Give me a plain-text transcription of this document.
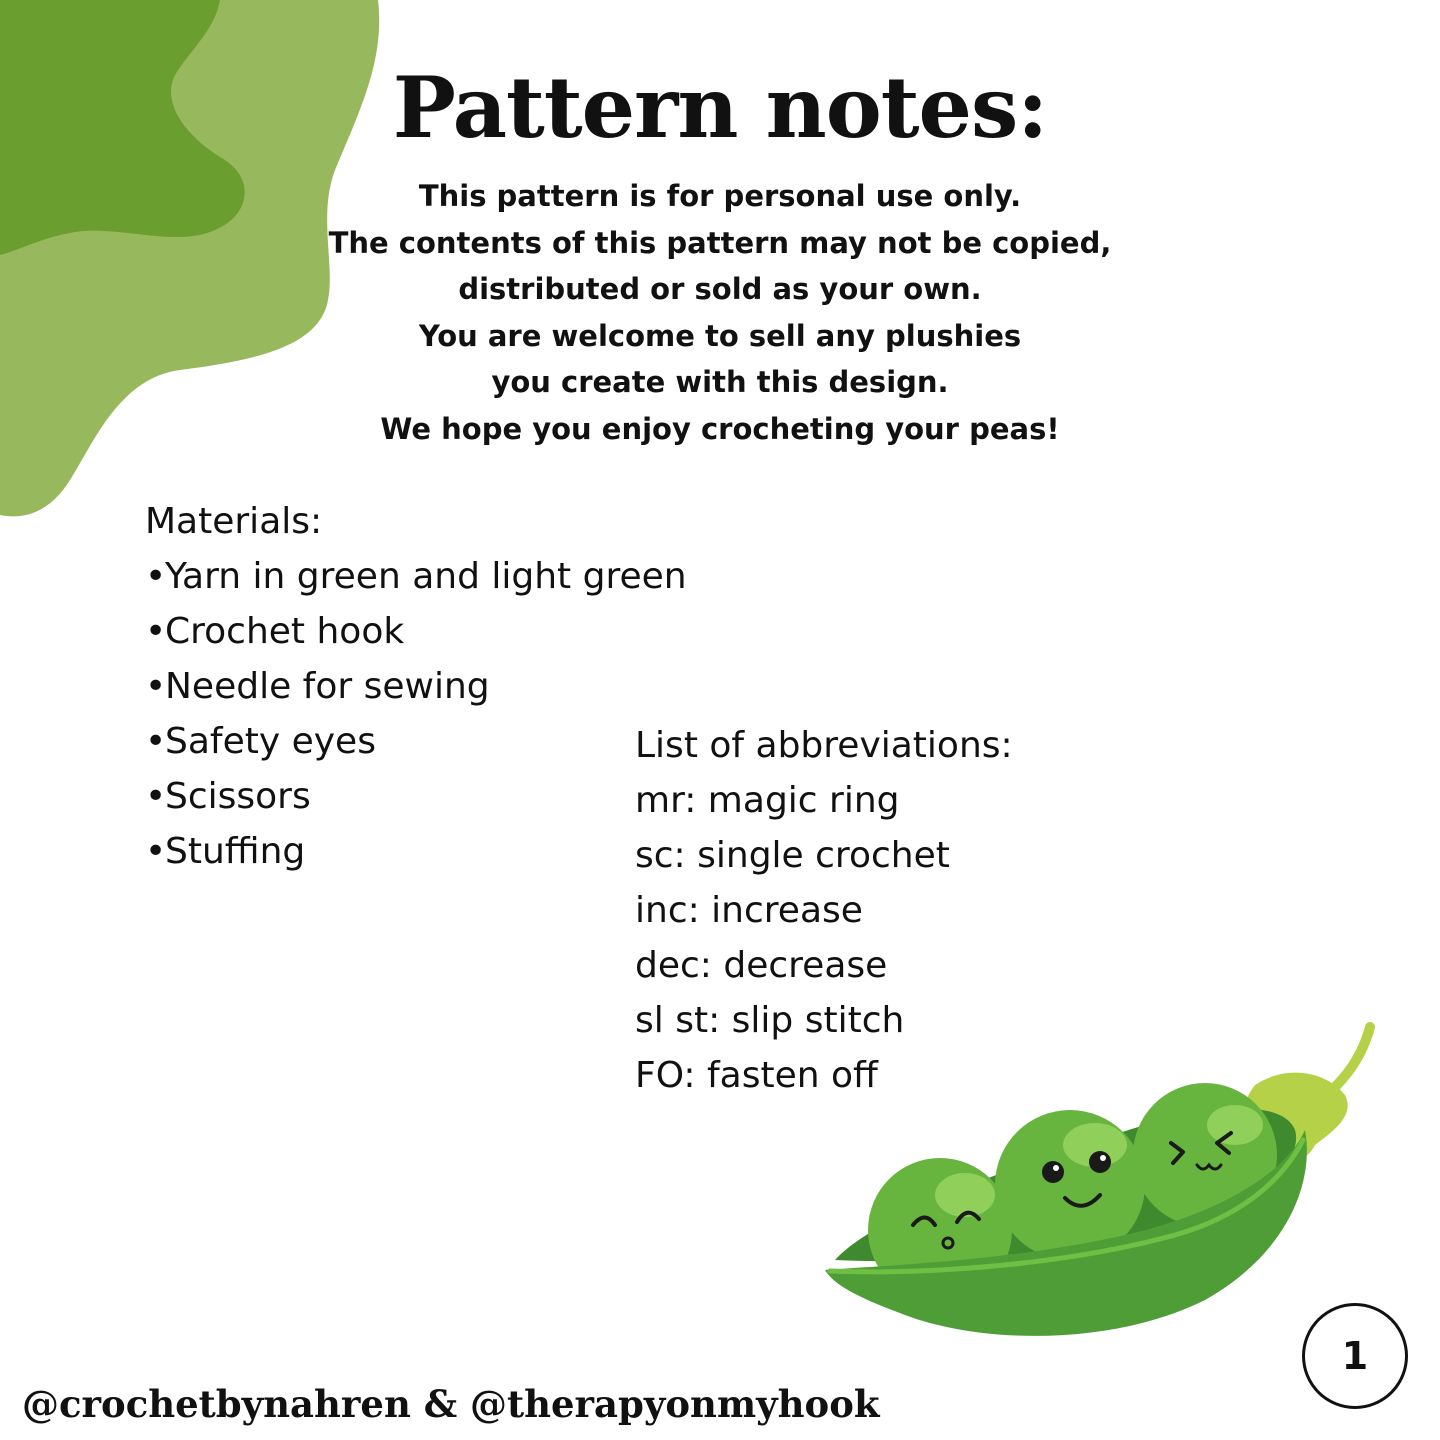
Pattern notes:
This pattern is for personal use only.
The contents of this pattern may not be copied,
distributed or sold as your own.
You are welcome to sell any plushies
you create with this design.
We hope you enjoy crocheting your peas!
Materials:
• Yarn in green and light green
• Crochet hook
• Needle for sewing
• Safety eyes
• Scissors
• Stuffing
List of abbreviations:
mr: magic ring
sc: single crochet
inc: increase
dec: decrease
sl st: slip stitch
FO: fasten off
1
@crochetbynahren & @therapyonmyhook
